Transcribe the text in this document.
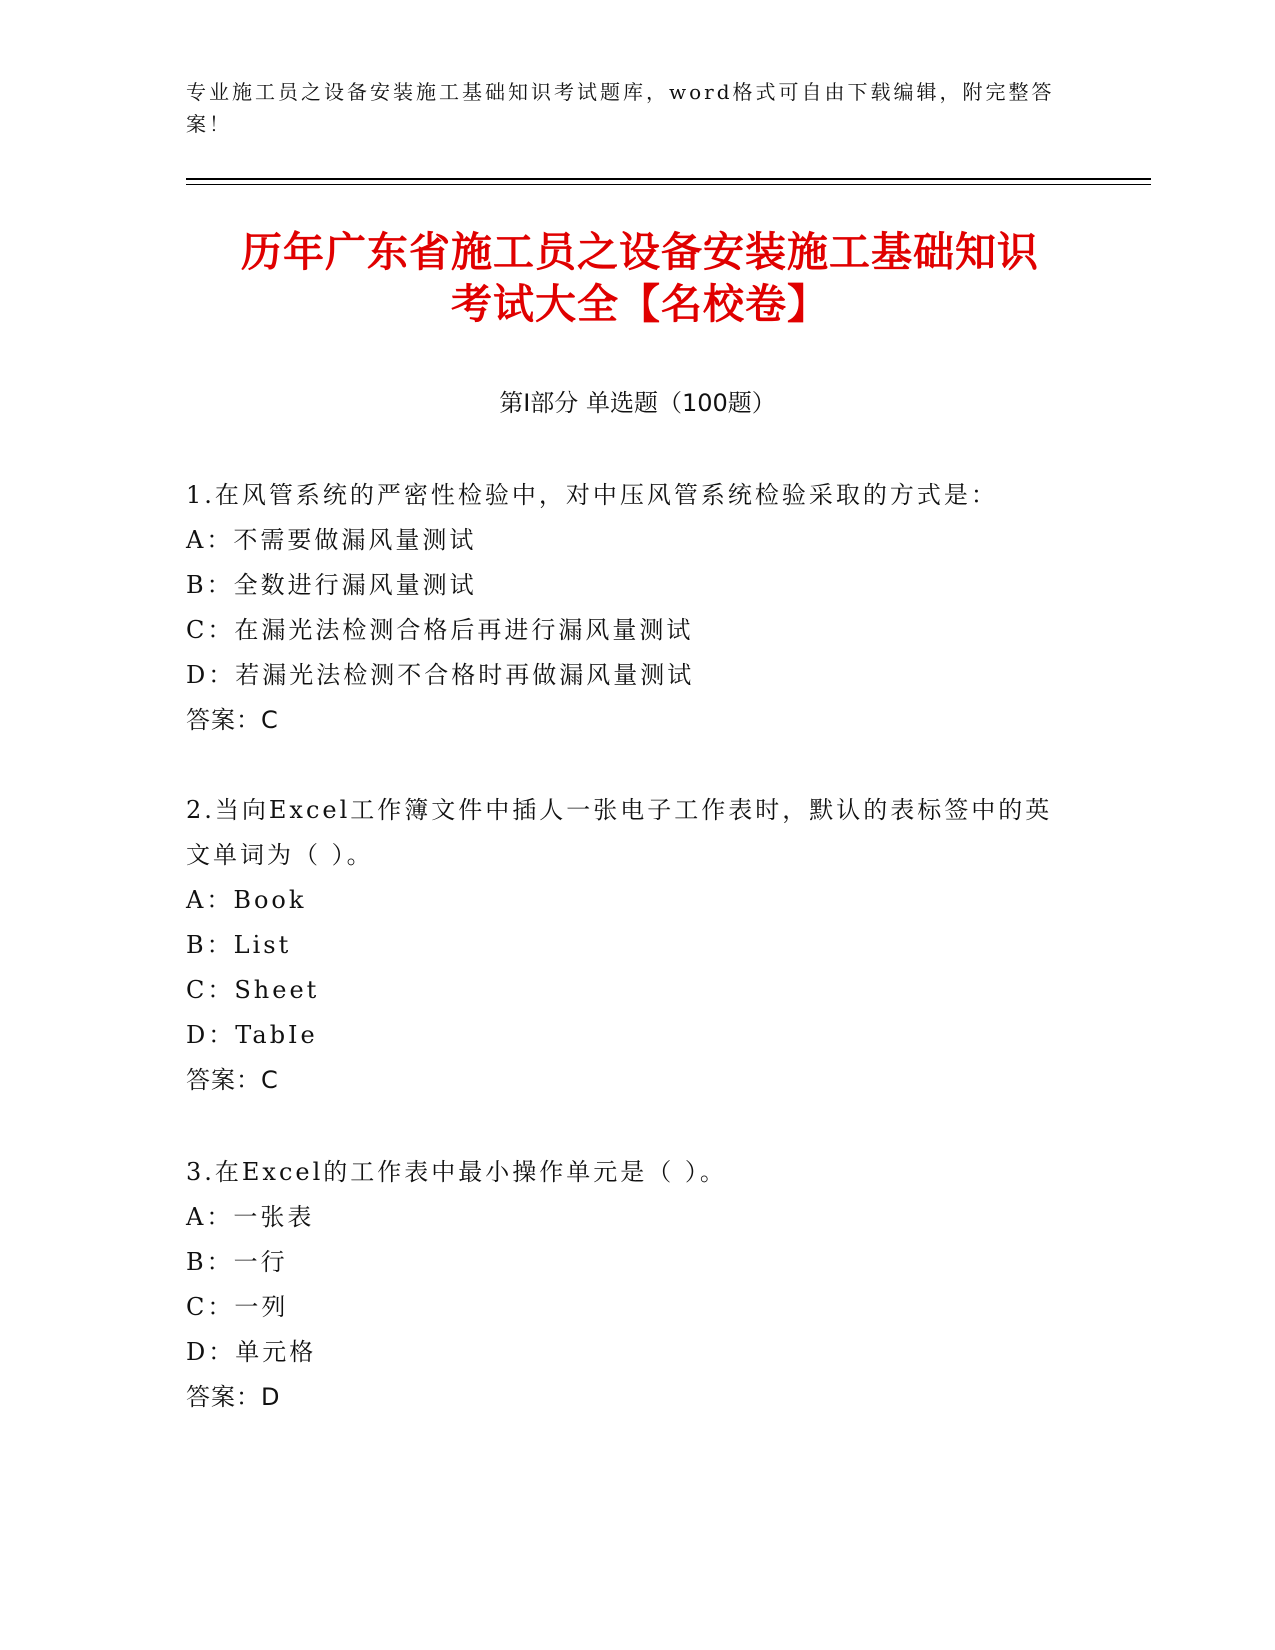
专业施工员之设备安装施工基础知识考试题库，word格式可自由下载编辑，附完整答案！

历年广东省施工员之设备安装施工基础知识
考试大全【名校卷】

第Ⅰ部分 单选题（100题）

1.在风管系统的严密性检验中，对中压风管系统检验采取的方式是：

A：不需要做漏风量测试

B：全数进行漏风量测试

C：在漏光法检测合格后再进行漏风量测试

D：若漏光法检测不合格时再做漏风量测试

答案：C

2.当向Excel工作簿文件中插人一张电子工作表时，默认的表标签中的英文单词为（ ）。

A：Book

B：List

C：Sheet

D：TabIe

答案：C

3.在Excel的工作表中最小操作单元是（ ）。

A：一张表

B：一行

C：一列

D：单元格

答案：D
